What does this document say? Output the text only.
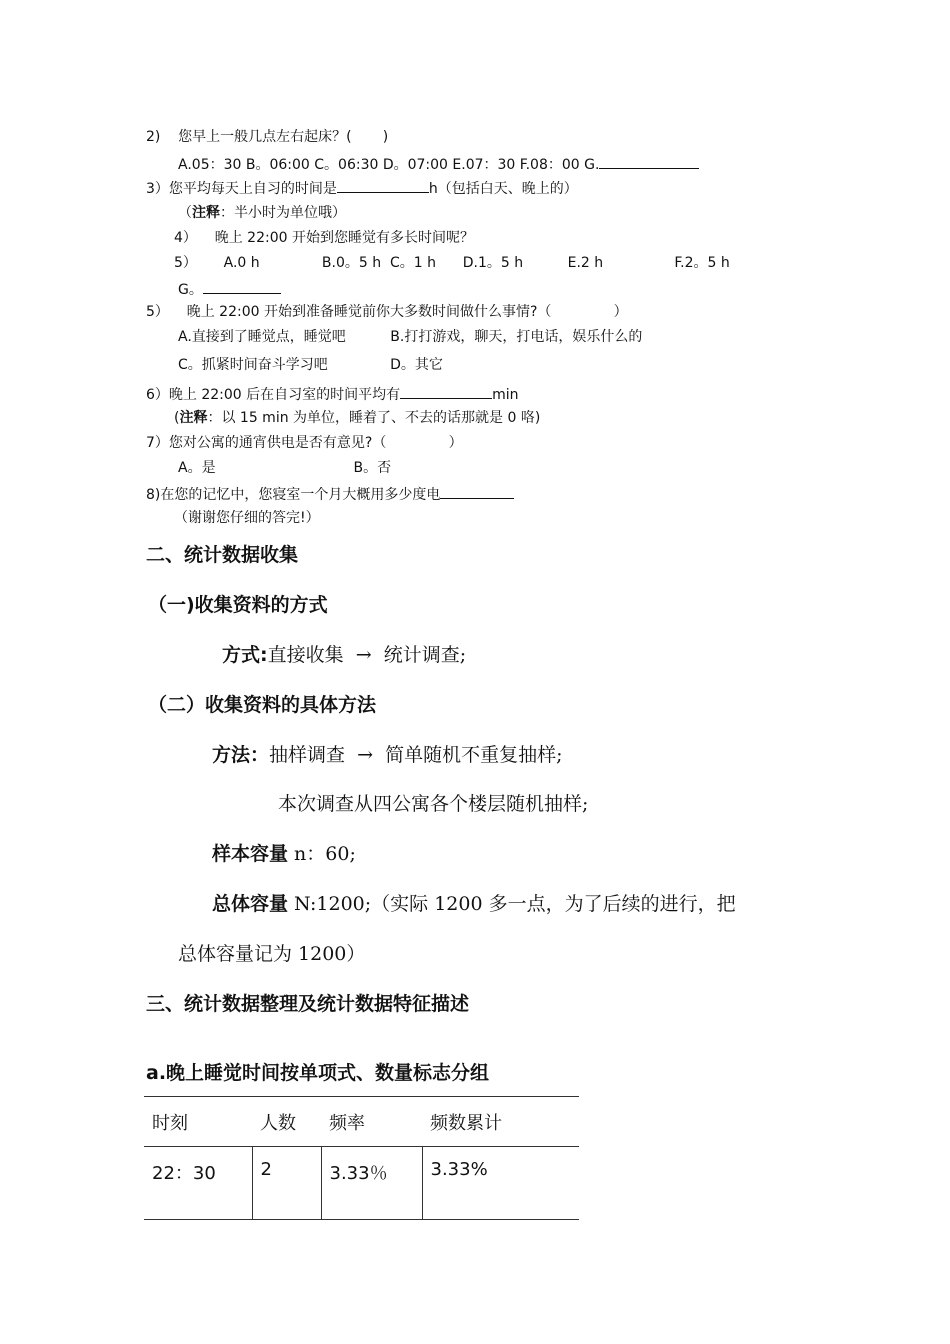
2)    您早上一般几点左右起床？(       )
A.05：30 B。06:00 C。06:30 D。07:00 E.07：30 F.08：00 G.
3）您平均每天上自习的时间是	h（包括白天、晚上的）
（注释：半小时为单位哦）
4）    晚上 22:00 开始到您睡觉有多长时间呢？
5）      A.0 h              B.0。5 h  C。1 h      D.1。5 h          E.2 h                F.2。5 h
G。
5）    晚上 22:00 开始到准备睡觉前你大多数时间做什么事情?（              ）
A.直接到了睡觉点，睡觉吧          B.打打游戏，聊天，打电话，娱乐什么的
C。抓紧时间奋斗学习吧              D。其它
6）晚上 22:00 后在自习室的时间平均有	min
(注释：以 15 min 为单位，睡着了、不去的话那就是 0 咯)
7）您对公寓的通宵供电是否有意见?（              ）
A。是                               B。否
8)在您的记忆中，您寝室一个月大概用多少度电
（谢谢您仔细的答完!）
二、统计数据收集
（一)收集资料的方式
方式:直接收集  →  统计调查;
（二）收集资料的具体方法
方法：抽样调查  →  简单随机不重复抽样;
本次调查从四公寓各个楼层随机抽样;
样本容量 n：60;
总体容量 N:1200;（实际 1200 多一点，为了后续的进行，把
总体容量记为 1200）
三、统计数据整理及统计数据特征描述
a.晚上睡觉时间按单项式、数量标志分组
时刻	人数	频率	频数累计
22：30	2	3.33％	3.33%
